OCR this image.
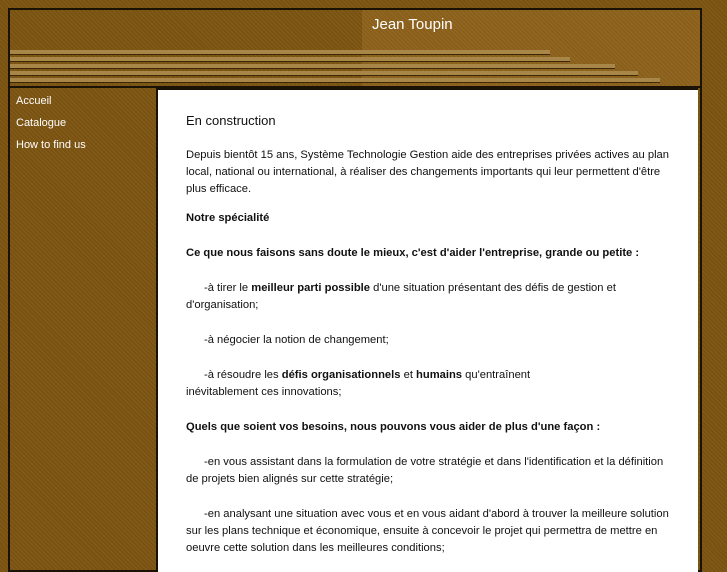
Jean Toupin
Accueil
Catalogue
How to find us
En construction

Depuis bientôt 15 ans, Système Technologie Gestion aide des entreprises privées actives au plan local, national ou international, à réaliser des changements importants qui leur permettent d'être plus efficace.

Notre spécialité

Ce que nous faisons sans doute le mieux, c'est d'aider l'entreprise, grande ou petite :

-à tirer le meilleur parti possible d'une situation présentant des défis de gestion et d'organisation;

-à négocier la notion de changement;

-à résoudre les défis organisationnels et humains qu'entraînent
inévitablement ces innovations;

Quels que soient vos besoins, nous pouvons vous aider de plus d'une façon :

-en vous assistant dans la formulation de votre stratégie et dans l'identification et la définition de projets bien alignés sur cette stratégie;

-en analysant une situation avec vous et en vous aidant d'abord à trouver la meilleure solution sur les plans technique et économique, ensuite à concevoir le projet qui permettra de mettre en oeuvre cette solution dans les meilleures conditions;
